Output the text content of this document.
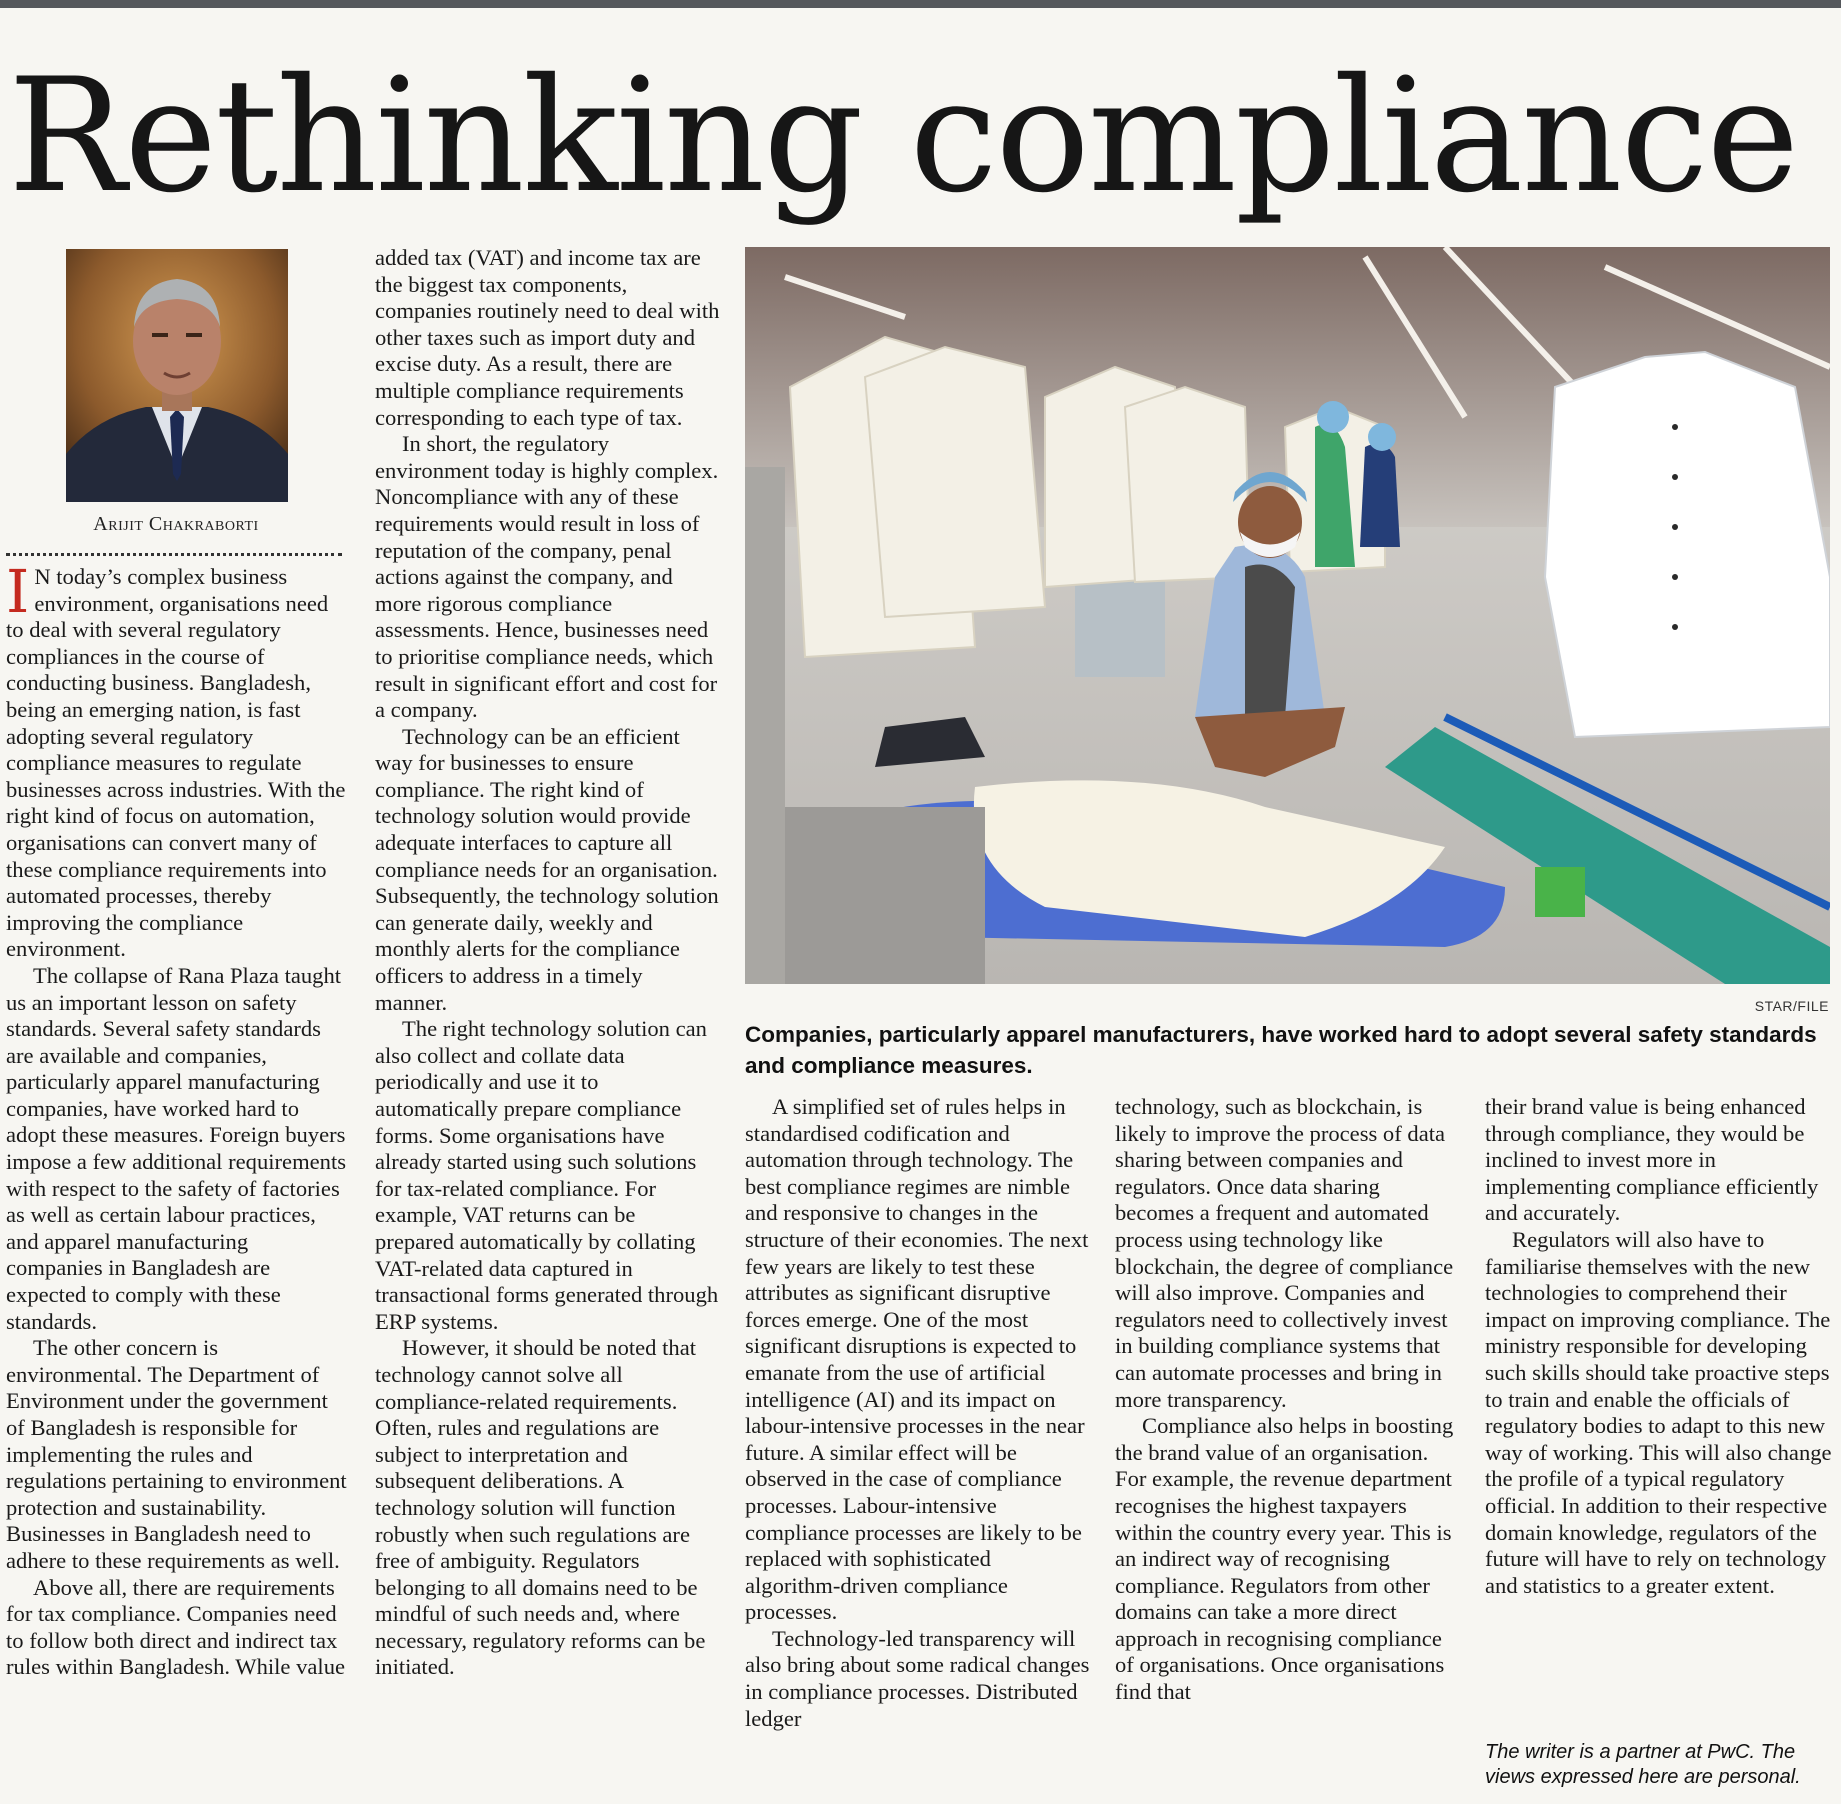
Rethinking compliance
Arijit Chakraborti

I N today’s complex business environment, organisations need to deal with several regulatory compliances in the course of conducting business. Bangladesh, being an emerging nation, is fast adopting several regulatory compliance measures to regulate businesses across industries. With the right kind of focus on automation, organisations can convert many of these compliance requirements into automated processes, thereby improving the compliance environment.

The collapse of Rana Plaza taught us an important lesson on safety standards. Several safety standards are available and companies, particularly apparel manufacturing companies, have worked hard to adopt these measures. Foreign buyers impose a few additional requirements with respect to the safety of factories as well as certain labour practices, and apparel manufacturing companies in Bangladesh are expected to comply with these standards.

The other concern is environmental. The Department of Environment under the government of Bangladesh is responsible for implementing the rules and regulations pertaining to environment protection and sustainability. Businesses in Bangladesh need to adhere to these requirements as well.

Above all, there are requirements for tax compliance. Companies need to follow both direct and indirect tax rules within Bangladesh. While value

added tax (VAT) and income tax are the biggest tax components, companies routinely need to deal with other taxes such as import duty and excise duty. As a result, there are multiple compliance requirements corresponding to each type of tax.

In short, the regulatory environment today is highly complex. Noncompliance with any of these requirements would result in loss of reputation of the company, penal actions against the company, and more rigorous compliance assessments. Hence, businesses need to prioritise compliance needs, which result in significant effort and cost for a company.

Technology can be an efficient way for businesses to ensure compliance. The right kind of technology solution would provide adequate interfaces to capture all compliance needs for an organisation. Subsequently, the technology solution can generate daily, weekly and monthly alerts for the compliance officers to address in a timely manner.

The right technology solution can also collect and collate data periodically and use it to automatically prepare compliance forms. Some organisations have already started using such solutions for tax-related compliance. For example, VAT returns can be prepared automatically by collating VAT-related data captured in transactional forms generated through ERP systems.

However, it should be noted that technology cannot solve all compliance-related requirements. Often, rules and regulations are subject to interpretation and subsequent deliberations. A technology solution will function robustly when such regulations are free of ambiguity. Regulators belonging to all domains need to be mindful of such needs and, where necessary, regulatory reforms can be initiated.

STAR/FILE

Companies, particularly apparel manufacturers, have worked hard to adopt several safety standards and compliance measures.

A simplified set of rules helps in standardised codification and automation through technology. The best compliance regimes are nimble and responsive to changes in the structure of their economies. The next few years are likely to test these attributes as significant disruptive forces emerge. One of the most significant disruptions is expected to emanate from the use of artificial intelligence (AI) and its impact on labour-intensive processes in the near future. A similar effect will be observed in the case of compliance processes. Labour-intensive compliance processes are likely to be replaced with sophisticated algorithm-driven compliance processes.

Technology-led transparency will also bring about some radical changes in compliance processes. Distributed ledger

technology, such as blockchain, is likely to improve the process of data sharing between companies and regulators. Once data sharing becomes a frequent and automated process using technology like blockchain, the degree of compliance will also improve. Companies and regulators need to collectively invest in building compliance systems that can automate processes and bring in more transparency.

Compliance also helps in boosting the brand value of an organisation. For example, the revenue department recognises the highest taxpayers within the country every year. This is an indirect way of recognising compliance. Regulators from other domains can take a more direct approach in recognising compliance of organisations. Once organisations find that

their brand value is being enhanced through compliance, they would be inclined to invest more in implementing compliance efficiently and accurately.

Regulators will also have to familiarise themselves with the new technologies to comprehend their impact on improving compliance. The ministry responsible for developing such skills should take proactive steps to train and enable the officials of regulatory bodies to adapt to this new way of working. This will also change the profile of a typical regulatory official. In addition to their respective domain knowledge, regulators of the future will have to rely on technology and statistics to a greater extent.

The writer is a partner at PwC. The views expressed here are personal.
